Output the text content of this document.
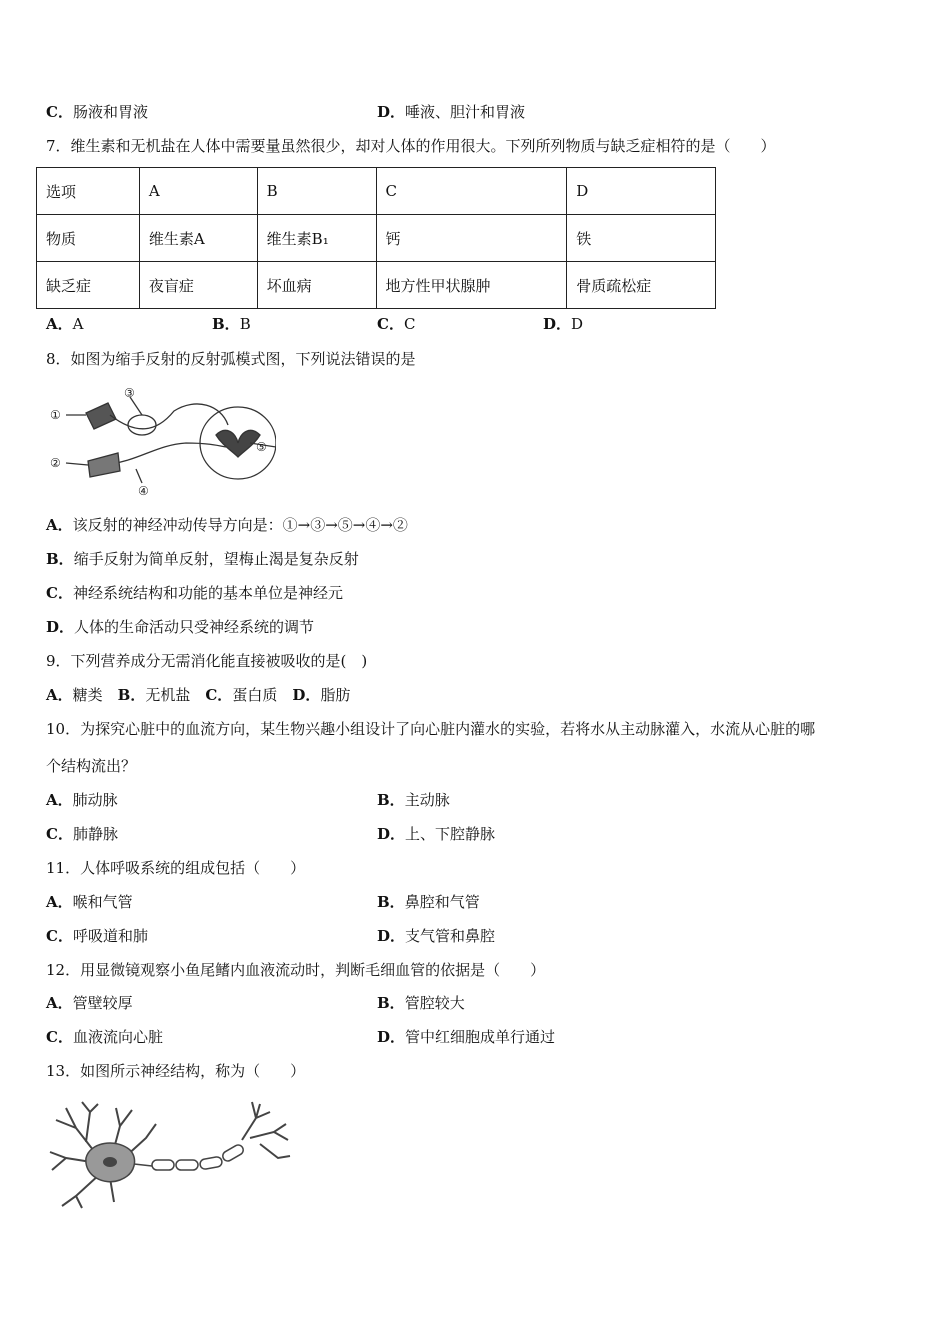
C．肠液和胃液	D．唾液、胆汁和胃液
7．维生素和无机盐在人体中需要量虽然很少，却对人体的作用很大。下列所列物质与缺乏症相符的是（　　）
选项	A	B	C	D
物质	维生素A	维生素B₁	钙	铁
缺乏症	夜盲症	坏血病	地方性甲状腺肿	骨质疏松症
A．A	B．B	C．C	D．D
8．如图为缩手反射的反射弧模式图，下列说法错误的是
①
②
③
④
⑤
A．该反射的神经冲动传导方向是：①→③→⑤→④→②
B．缩手反射为简单反射，望梅止渴是复杂反射
C．神经系统结构和功能的基本单位是神经元
D．人体的生命活动只受神经系统的调节
9．下列营养成分无需消化能直接被吸收的是(　)
A．糖类  B．无机盐  C．蛋白质  D．脂肪
10．为探究心脏中的血流方向，某生物兴趣小组设计了向心脏内灌水的实验，若将水从主动脉灌入，水流从心脏的哪
个结构流出？
A．肺动脉	B．主动脉
C．肺静脉	D．上、下腔静脉
11．人体呼吸系统的组成包括（　　）
A．喉和气管	B．鼻腔和气管
C．呼吸道和肺	D．支气管和鼻腔
12．用显微镜观察小鱼尾鳍内血液流动时，判断毛细血管的依据是（　　）
A．管壁较厚	B．管腔较大
C．血液流向心脏	D．管中红细胞成单行通过
13．如图所示神经结构，称为（　　）
